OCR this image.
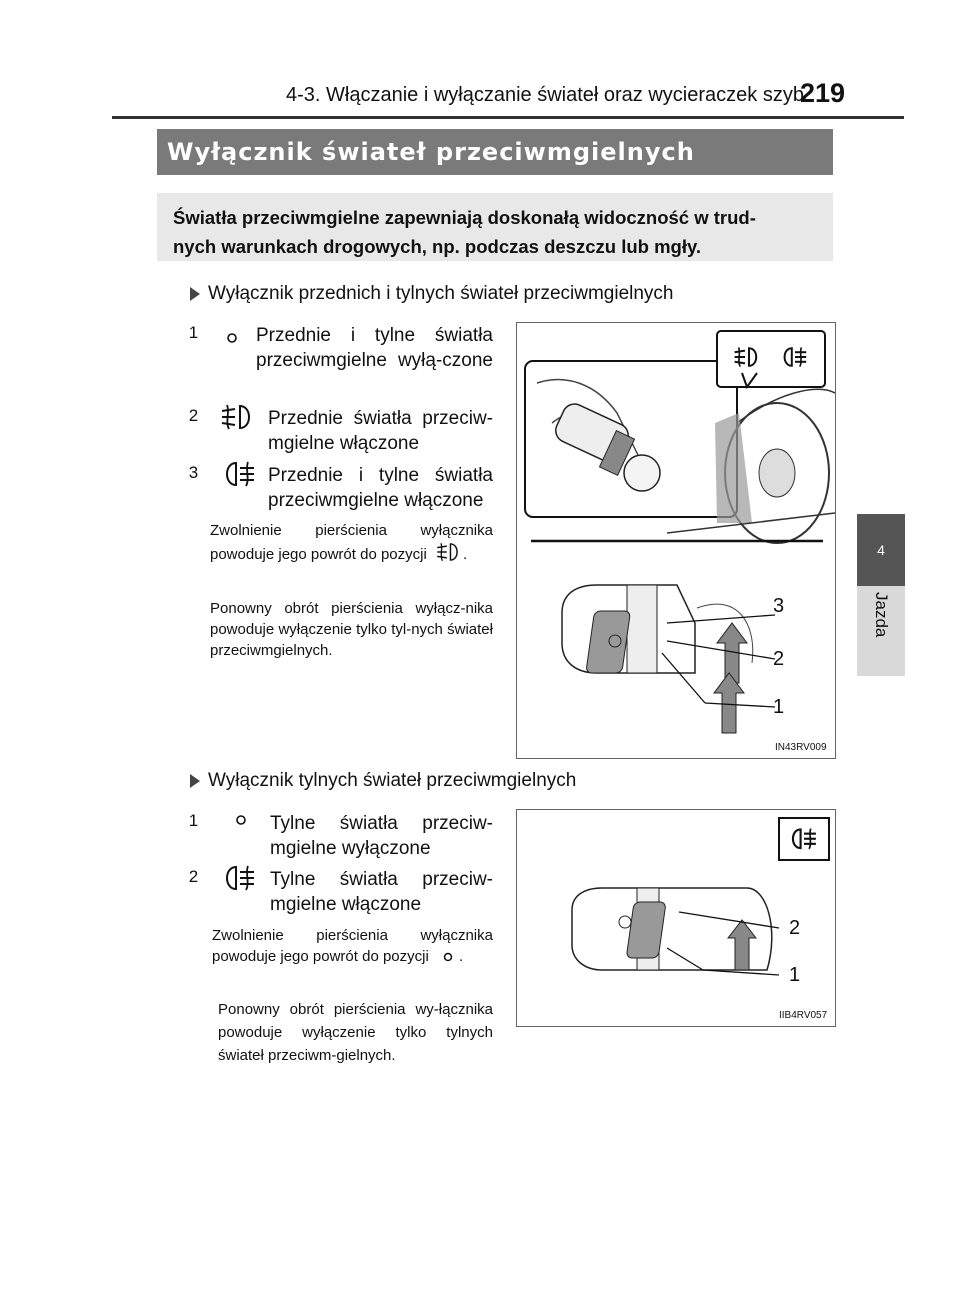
4-3. Włączanie i wyłączanie świateł oraz wycieraczek szyb
219
4
Jazda
Wyłącznik świateł przeciwmgielnych
Światła przeciwmgielne zapewniają doskonałą widoczność w trud-
nych warunkach drogowych, np. podczas deszczu lub mgły.
Wyłącznik przednich i tylnych świateł przeciwmgielnych
1	Przednie i tylne światła przeciwmgielne wyłą-czone
2	Przednie światła przeciw-mgielne włączone
3	Przednie i tylne światła przeciwmgielne włączone
Zwolnienie pierścienia wyłącznika powoduje jego powrót do pozycji .
Ponowny obrót pierścienia wyłącz-nika powoduje wyłączenie tylko tyl-nych świateł przeciwmgielnych.
3
2
1
IN43RV009
Wyłącznik tylnych świateł przeciwmgielnych
1	Tylne światła przeciw-mgielne wyłączone
2	Tylne światła przeciw-mgielne włączone
Zwolnienie pierścienia wyłącznika powoduje jego powrót do pozycji .
Ponowny obrót pierścienia wy-łącznika powoduje wyłączenie tylko tylnych świateł przeciwm-gielnych.
2
1
IIB4RV057
